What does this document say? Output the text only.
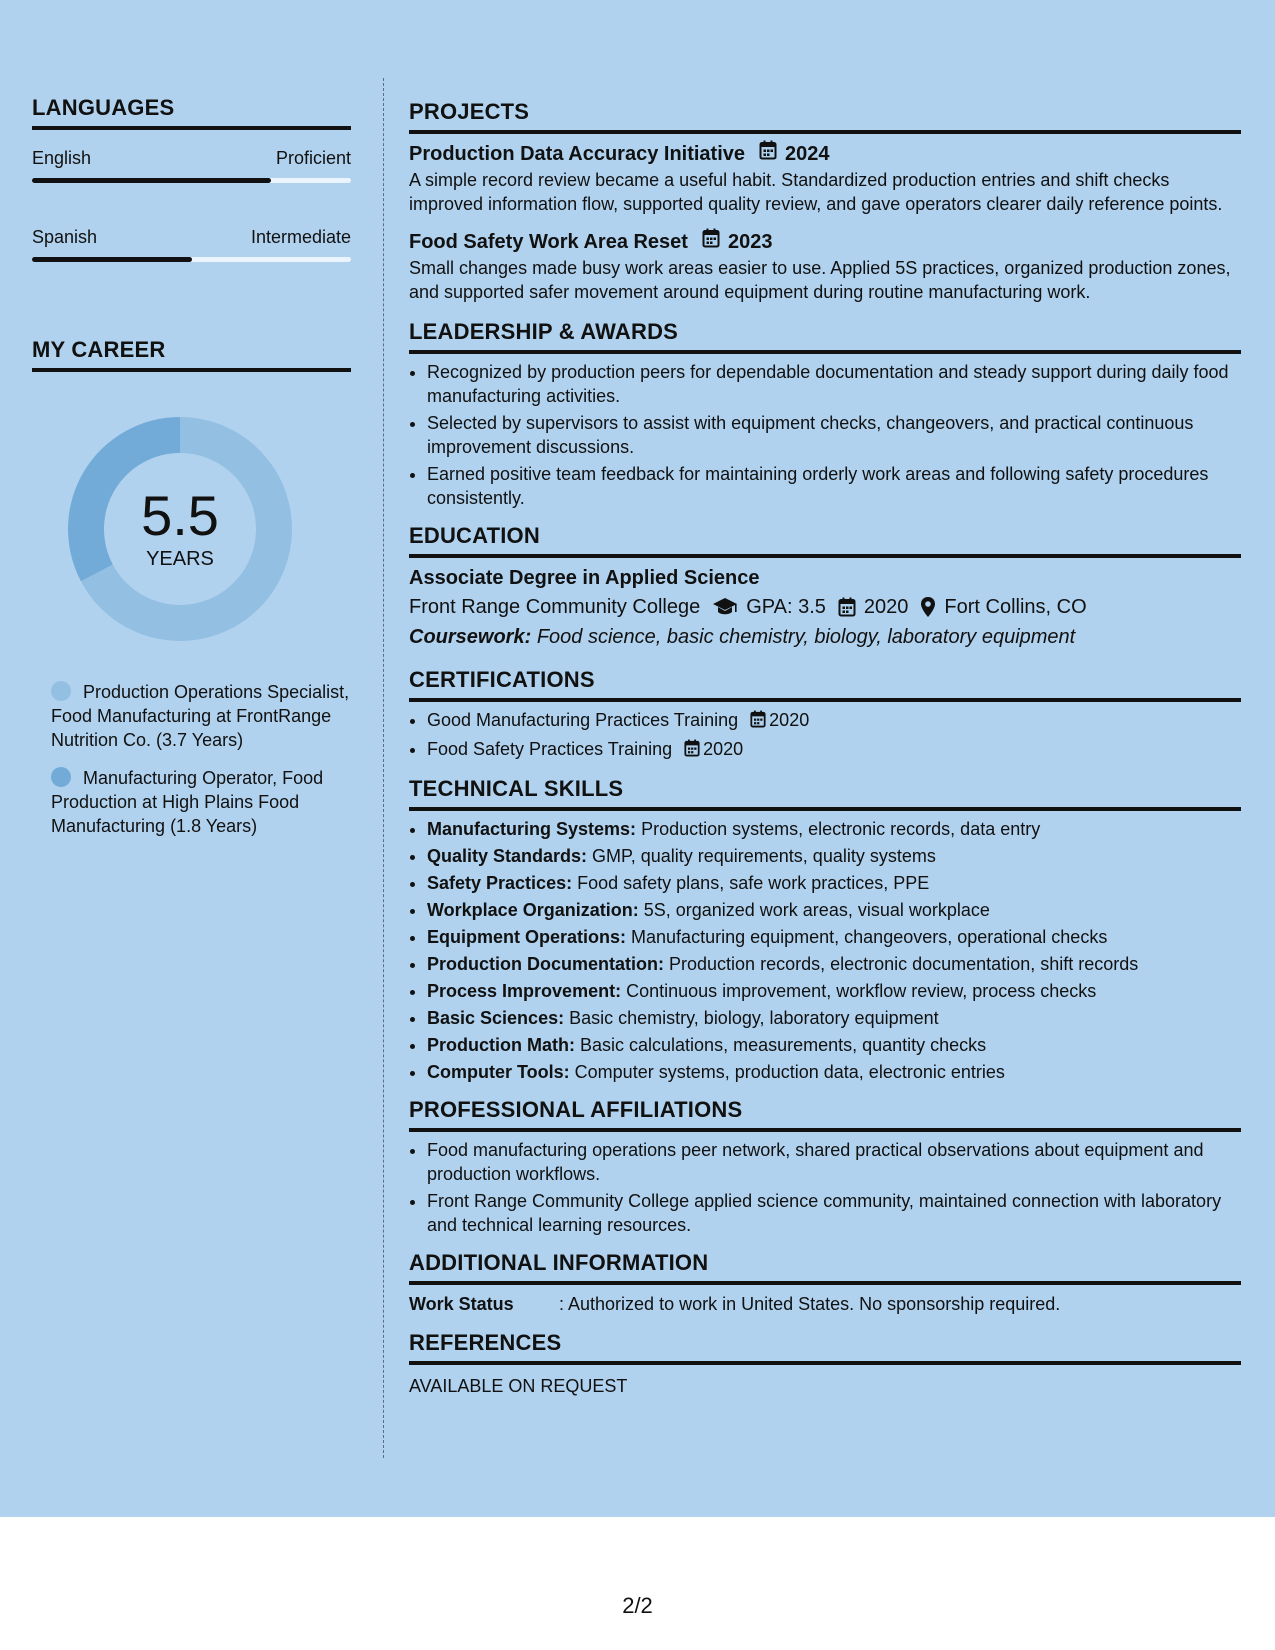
LANGUAGES
English	Proficient
Spanish	Intermediate
MY CAREER
5.5
YEARS
Production Operations Specialist, Food Manufacturing at FrontRange Nutrition Co. (3.7 Years)
Manufacturing Operator, Food Production at High Plains Food Manufacturing (1.8 Years)
PROJECTS
Production Data Accuracy Initiative 2024
A simple record review became a useful habit. Standardized production entries and shift checks improved information flow, supported quality review, and gave operators clearer daily reference points.
Food Safety Work Area Reset 2023
Small changes made busy work areas easier to use. Applied 5S practices, organized production zones, and supported safer movement around equipment during routine manufacturing work.
LEADERSHIP & AWARDS
• Recognized by production peers for dependable documentation and steady support during daily food manufacturing activities.
• Selected by supervisors to assist with equipment checks, changeovers, and practical continuous improvement discussions.
• Earned positive team feedback for maintaining orderly work areas and following safety procedures consistently.
EDUCATION
Associate Degree in Applied Science
Front Range Community College GPA: 3.5 2020 Fort Collins, CO
Coursework: Food science, basic chemistry, biology, laboratory equipment
CERTIFICATIONS
• Good Manufacturing Practices Training 2020
• Food Safety Practices Training 2020
TECHNICAL SKILLS
• Manufacturing Systems: Production systems, electronic records, data entry
• Quality Standards: GMP, quality requirements, quality systems
• Safety Practices: Food safety plans, safe work practices, PPE
• Workplace Organization: 5S, organized work areas, visual workplace
• Equipment Operations: Manufacturing equipment, changeovers, operational checks
• Production Documentation: Production records, electronic documentation, shift records
• Process Improvement: Continuous improvement, workflow review, process checks
• Basic Sciences: Basic chemistry, biology, laboratory equipment
• Production Math: Basic calculations, measurements, quantity checks
• Computer Tools: Computer systems, production data, electronic entries
PROFESSIONAL AFFILIATIONS
• Food manufacturing operations peer network, shared practical observations about equipment and production workflows.
• Front Range Community College applied science community, maintained connection with laboratory and technical learning resources.
ADDITIONAL INFORMATION
Work Status	: Authorized to work in United States. No sponsorship required.
REFERENCES
AVAILABLE ON REQUEST
2/2
